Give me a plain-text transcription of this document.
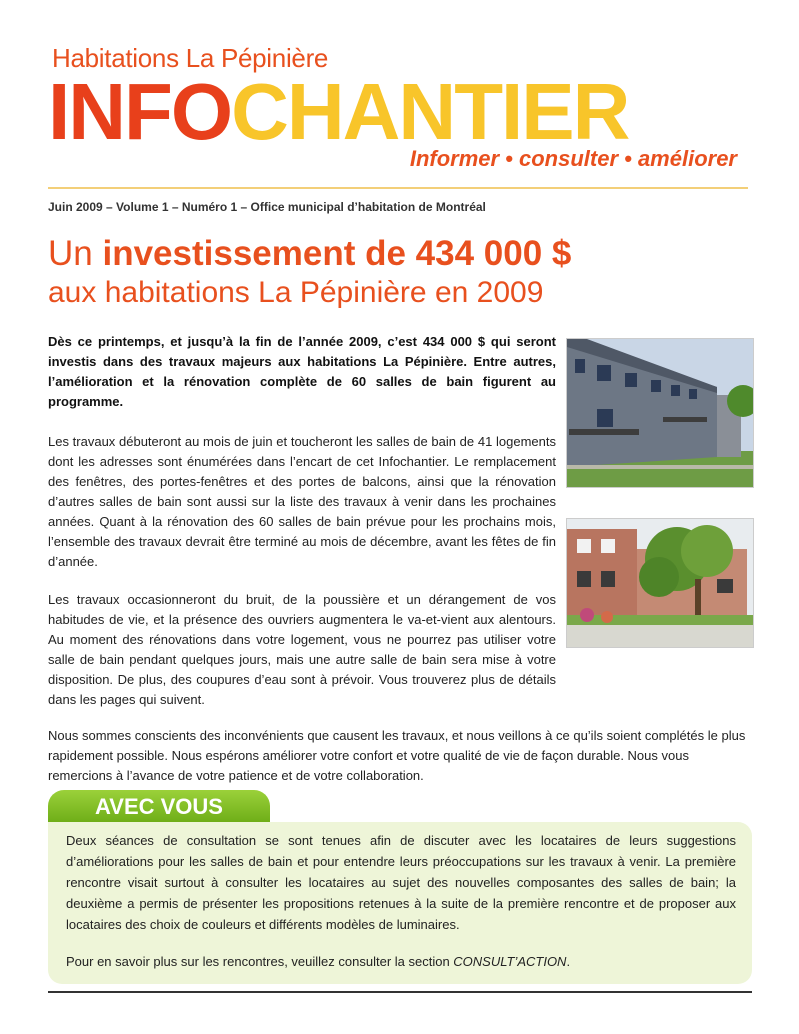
Habitations La Pépinière
INFOCHANTIER
Informer • consulter • améliorer
Juin 2009 – Volume 1 – Numéro 1 – Office municipal d’habitation de Montréal
Un investissement de 434 000 $
aux habitations La Pépinière en 2009
Dès ce printemps, et jusqu’à la fin de l’année 2009, c’est 434 000 $ qui seront investis dans des travaux majeurs aux habitations La Pépinière. Entre autres, l’amélioration et la rénovation complète de 60 salles de bain figurent au programme.
Les travaux débuteront au mois de juin et toucheront les salles de bain de 41 logements dont les adresses sont énumérées dans l’encart de cet Infochantier. Le remplacement des fenêtres, des portes-fenêtres et des portes de balcons, ainsi que la rénovation d’autres salles de bain sont aussi sur la liste des travaux à venir dans les prochaines années. Quant à la rénovation des 60 salles de bain prévue pour les prochains mois, l’ensemble des travaux devrait être terminé au mois de décembre, avant les fêtes de fin d’année.
Les travaux occasionneront du bruit, de la poussière et un dérangement de vos habitudes de vie, et la présence des ouvriers augmentera le va-et-vient aux alentours. Au moment des rénovations dans votre logement, vous ne pourrez pas utiliser votre salle de bain pendant quelques jours, mais une autre salle de bain sera mise à votre disposition. De plus, des coupures d’eau sont à prévoir. Vous trouverez plus de détails dans les pages qui suivent.
Nous sommes conscients des inconvénients que causent les travaux, et nous veillons à ce qu’ils soient complétés le plus rapidement possible. Nous espérons améliorer votre confort et votre qualité de vie de façon durable. Nous vous remercions à l’avance de votre patience et de votre collaboration.
AVEC VOUS
Deux séances de consultation se sont tenues afin de discuter avec les locataires de leurs suggestions d’améliorations pour les salles de bain et pour entendre leurs préoccupations sur les travaux à venir. La première rencontre visait surtout à consulter les locataires au sujet des nouvelles composantes des salles de bain; la deuxième a permis de présenter les propositions retenues à la suite de la première rencontre et de proposer aux locataires des choix de couleurs et différents modèles de luminaires.
Pour en savoir plus sur les rencontres, veuillez consulter la section CONSULT’ACTION.
